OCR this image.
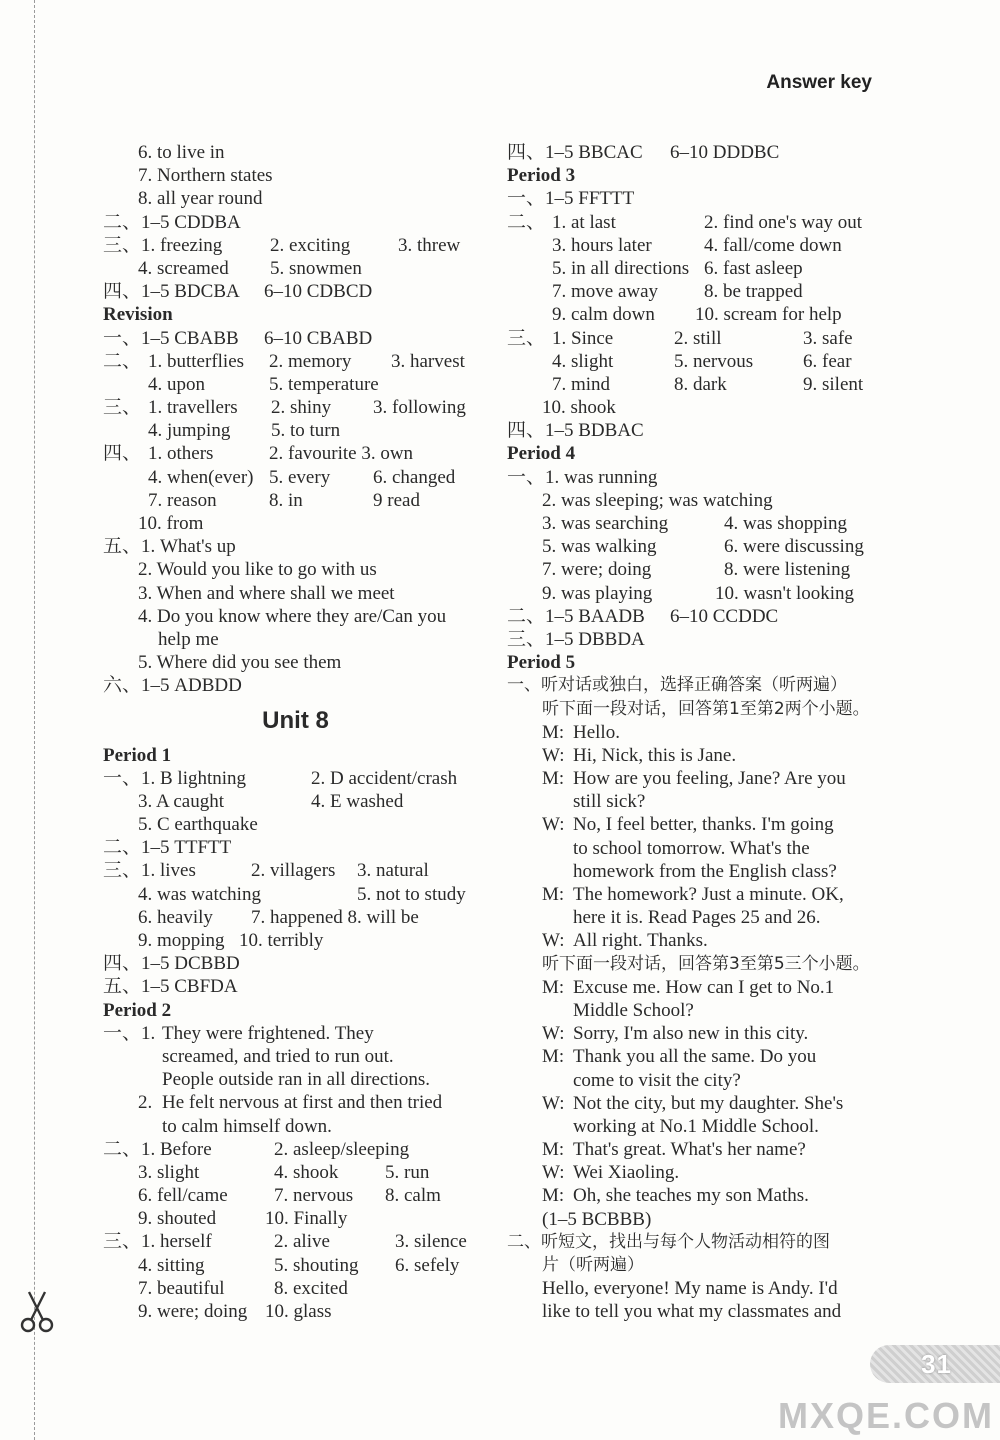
Answer key
6. to live in
7. Northern states
8. all year round
二、1–5 CDDBA
三、1. freezing	2. exciting	3. threw
4. screamed 5. snowmen
四、1–5 BDCBA 6–10 CDBCD
Revision
一、1–5 CBABB 6–10 CBABD
二、 1. butterflies 2. memory 3. harvest
4. upon	5. temperature
三、 1. travellers 2. shiny 3. following
4. jumping 5. to turn
四、 1. others	2. favourite 3. own
4. when(ever) 5. every 6. changed
7. reason	8. in	9 read
10. from
五、1. What's up
2. Would you like to go with us
3. When and where shall we meet
4. Do you know where they are/Can you
help me
5. Where did you see them
六、1–5 ADBDD
Unit 8
Period 1
一、1. B lightning	2. D accident/crash
3. A caught	4. E washed
5. C earthquake
二、1–5 TTFTT
三、1. lives	2. villagers 3. natural
4. was watching	5. not to study
6. heavily 7. happened 8. will be
9. mopping 10. terribly
四、1–5 DCBBD
五、1–5 CBFDA
Period 2
一、1. They were frightened. They
screamed, and tried to run out.
People outside ran in all directions.
2. He felt nervous at first and then tried
to calm himself down.
二、1. Before	2. asleep/sleeping
3. slight	4. shook 5. run
6. fell/came 7. nervous 8. calm
9. shouted	10. Finally
三、1. herself	2. alive	3. silence
4. sitting	5. shouting 6. sefely
7. beautiful	8. excited
9. were; doing 10. glass
四、1–5 BBCAC 6–10 DDDBC
Period 3
一、1–5 FFTTT
二、 1. at last	2. find one's way out
3. hours later	4. fall/come down
5. in all directions 6. fast asleep
7. move away 8. be trapped
9. calm down 10. scream for help
三、 1. Since	2. still	3. safe
4. slight	5. nervous	6. fear
7. mind	8. dark	9. silent
10. shook
四、1–5 BDBAC
Period 4
一、1. was running
2. was sleeping; was watching
3. was searching	4. was shopping
5. was walking	6. were discussing
7. were; doing	8. were listening
9. was playing	10. wasn't looking
二、1–5 BAADB 6–10 CCDDC
三、1–5 DBBDA
Period 5
一、听对话或独白，选择正确答案（听两遍）
听下面一段对话，回答第1至第2两个小题。
M: Hello.
W: Hi, Nick, this is Jane.
M: How are you feeling, Jane? Are you
still sick?
W: No, I feel better, thanks. I'm going
to school tomorrow. What's the
homework from the English class?
M: The homework? Just a minute. OK,
here it is. Read Pages 25 and 26.
W: All right. Thanks.
听下面一段对话，回答第3至第5三个小题。
M: Excuse me. How can I get to No.1
Middle School?
W: Sorry, I'm also new in this city.
M: Thank you all the same. Do you
come to visit the city?
W: Not the city, but my daughter. She's
working at No.1 Middle School.
M: That's great. What's her name?
W: Wei Xiaoling.
M: Oh, she teaches my son Maths.
(1–5 BCBBB)
二、听短文，找出与每个人物活动相符的图
片（听两遍）
Hello, everyone! My name is Andy. I'd
like to tell you what my classmates and
31
MXQE.COM
